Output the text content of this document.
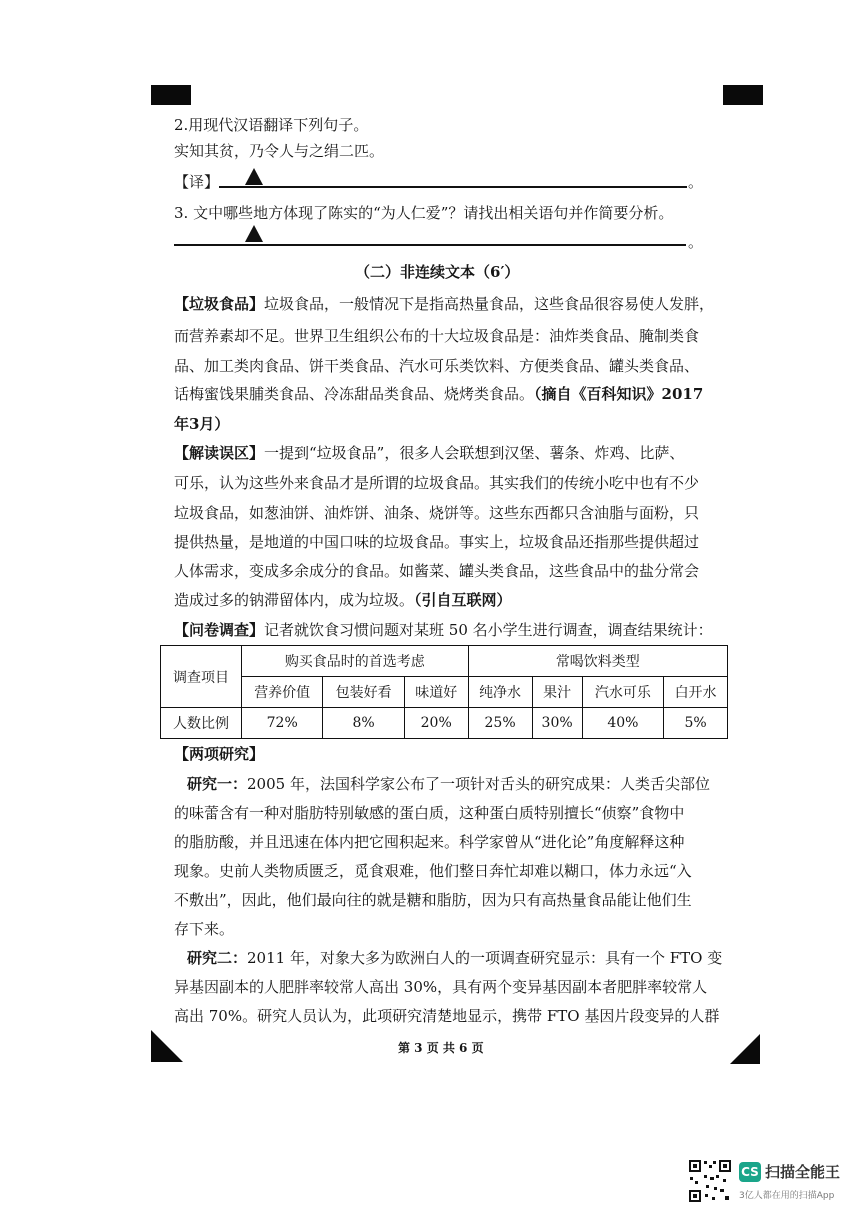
2.用现代汉语翻译下列句子。
实知其贫，乃令人与之绢二匹。
【译】	。
3. 文中哪些地方体现了陈实的“为人仁爱”？请找出相关语句并作简要分析。
。
（二）非连续文本（6′）
【垃圾食品】垃圾食品，一般情况下是指高热量食品，这些食品很容易使人发胖，
而营养素却不足。世界卫生组织公布的十大垃圾食品是：油炸类食品、腌制类食
品、加工类肉食品、饼干类食品、汽水可乐类饮料、方便类食品、罐头类食品、
话梅蜜饯果脯类食品、冷冻甜品类食品、烧烤类食品。（摘自《百科知识》2017
年3月）
【解读误区】一提到“垃圾食品”，很多人会联想到汉堡、薯条、炸鸡、比萨、
可乐，认为这些外来食品才是所谓的垃圾食品。其实我们的传统小吃中也有不少
垃圾食品，如葱油饼、油炸饼、油条、烧饼等。这些东西都只含油脂与面粉，只
提供热量，是地道的中国口味的垃圾食品。事实上，垃圾食品还指那些提供超过
人体需求，变成多余成分的食品。如酱菜、罐头类食品，这些食品中的盐分常会
造成过多的钠滞留体内，成为垃圾。（引自互联网）
【问卷调查】记者就饮食习惯问题对某班 50 名小学生进行调查，调查结果统计：
调查项目	购买食品时的首选考虑			常喝饮料类型			
	营养价值	包装好看	味道好	纯净水	果汁	汽水可乐	白开水
人数比例	72%	8%	20%	25%	30%	40%	5%
【两项研究】
研究一：2005 年，法国科学家公布了一项针对舌头的研究成果：人类舌尖部位
的味蕾含有一种对脂肪特别敏感的蛋白质，这种蛋白质特别擅长“侦察”食物中
的脂肪酸，并且迅速在体内把它囤积起来。科学家曾从“进化论”角度解释这种
现象。史前人类物质匮乏，觅食艰难，他们整日奔忙却难以糊口，体力永远“入
不敷出”，因此，他们最向往的就是糖和脂肪，因为只有高热量食品能让他们生
存下来。
研究二：2011 年，对象大多为欧洲白人的一项调查研究显示：具有一个 FTO 变
异基因副本的人肥胖率较常人高出 30%，具有两个变异基因副本者肥胖率较常人
高出 70%。研究人员认为，此项研究清楚地显示，携带 FTO 基因片段变异的人群
第 3 页 共 6 页
CS 扫描全能王
3亿人都在用的扫描App
